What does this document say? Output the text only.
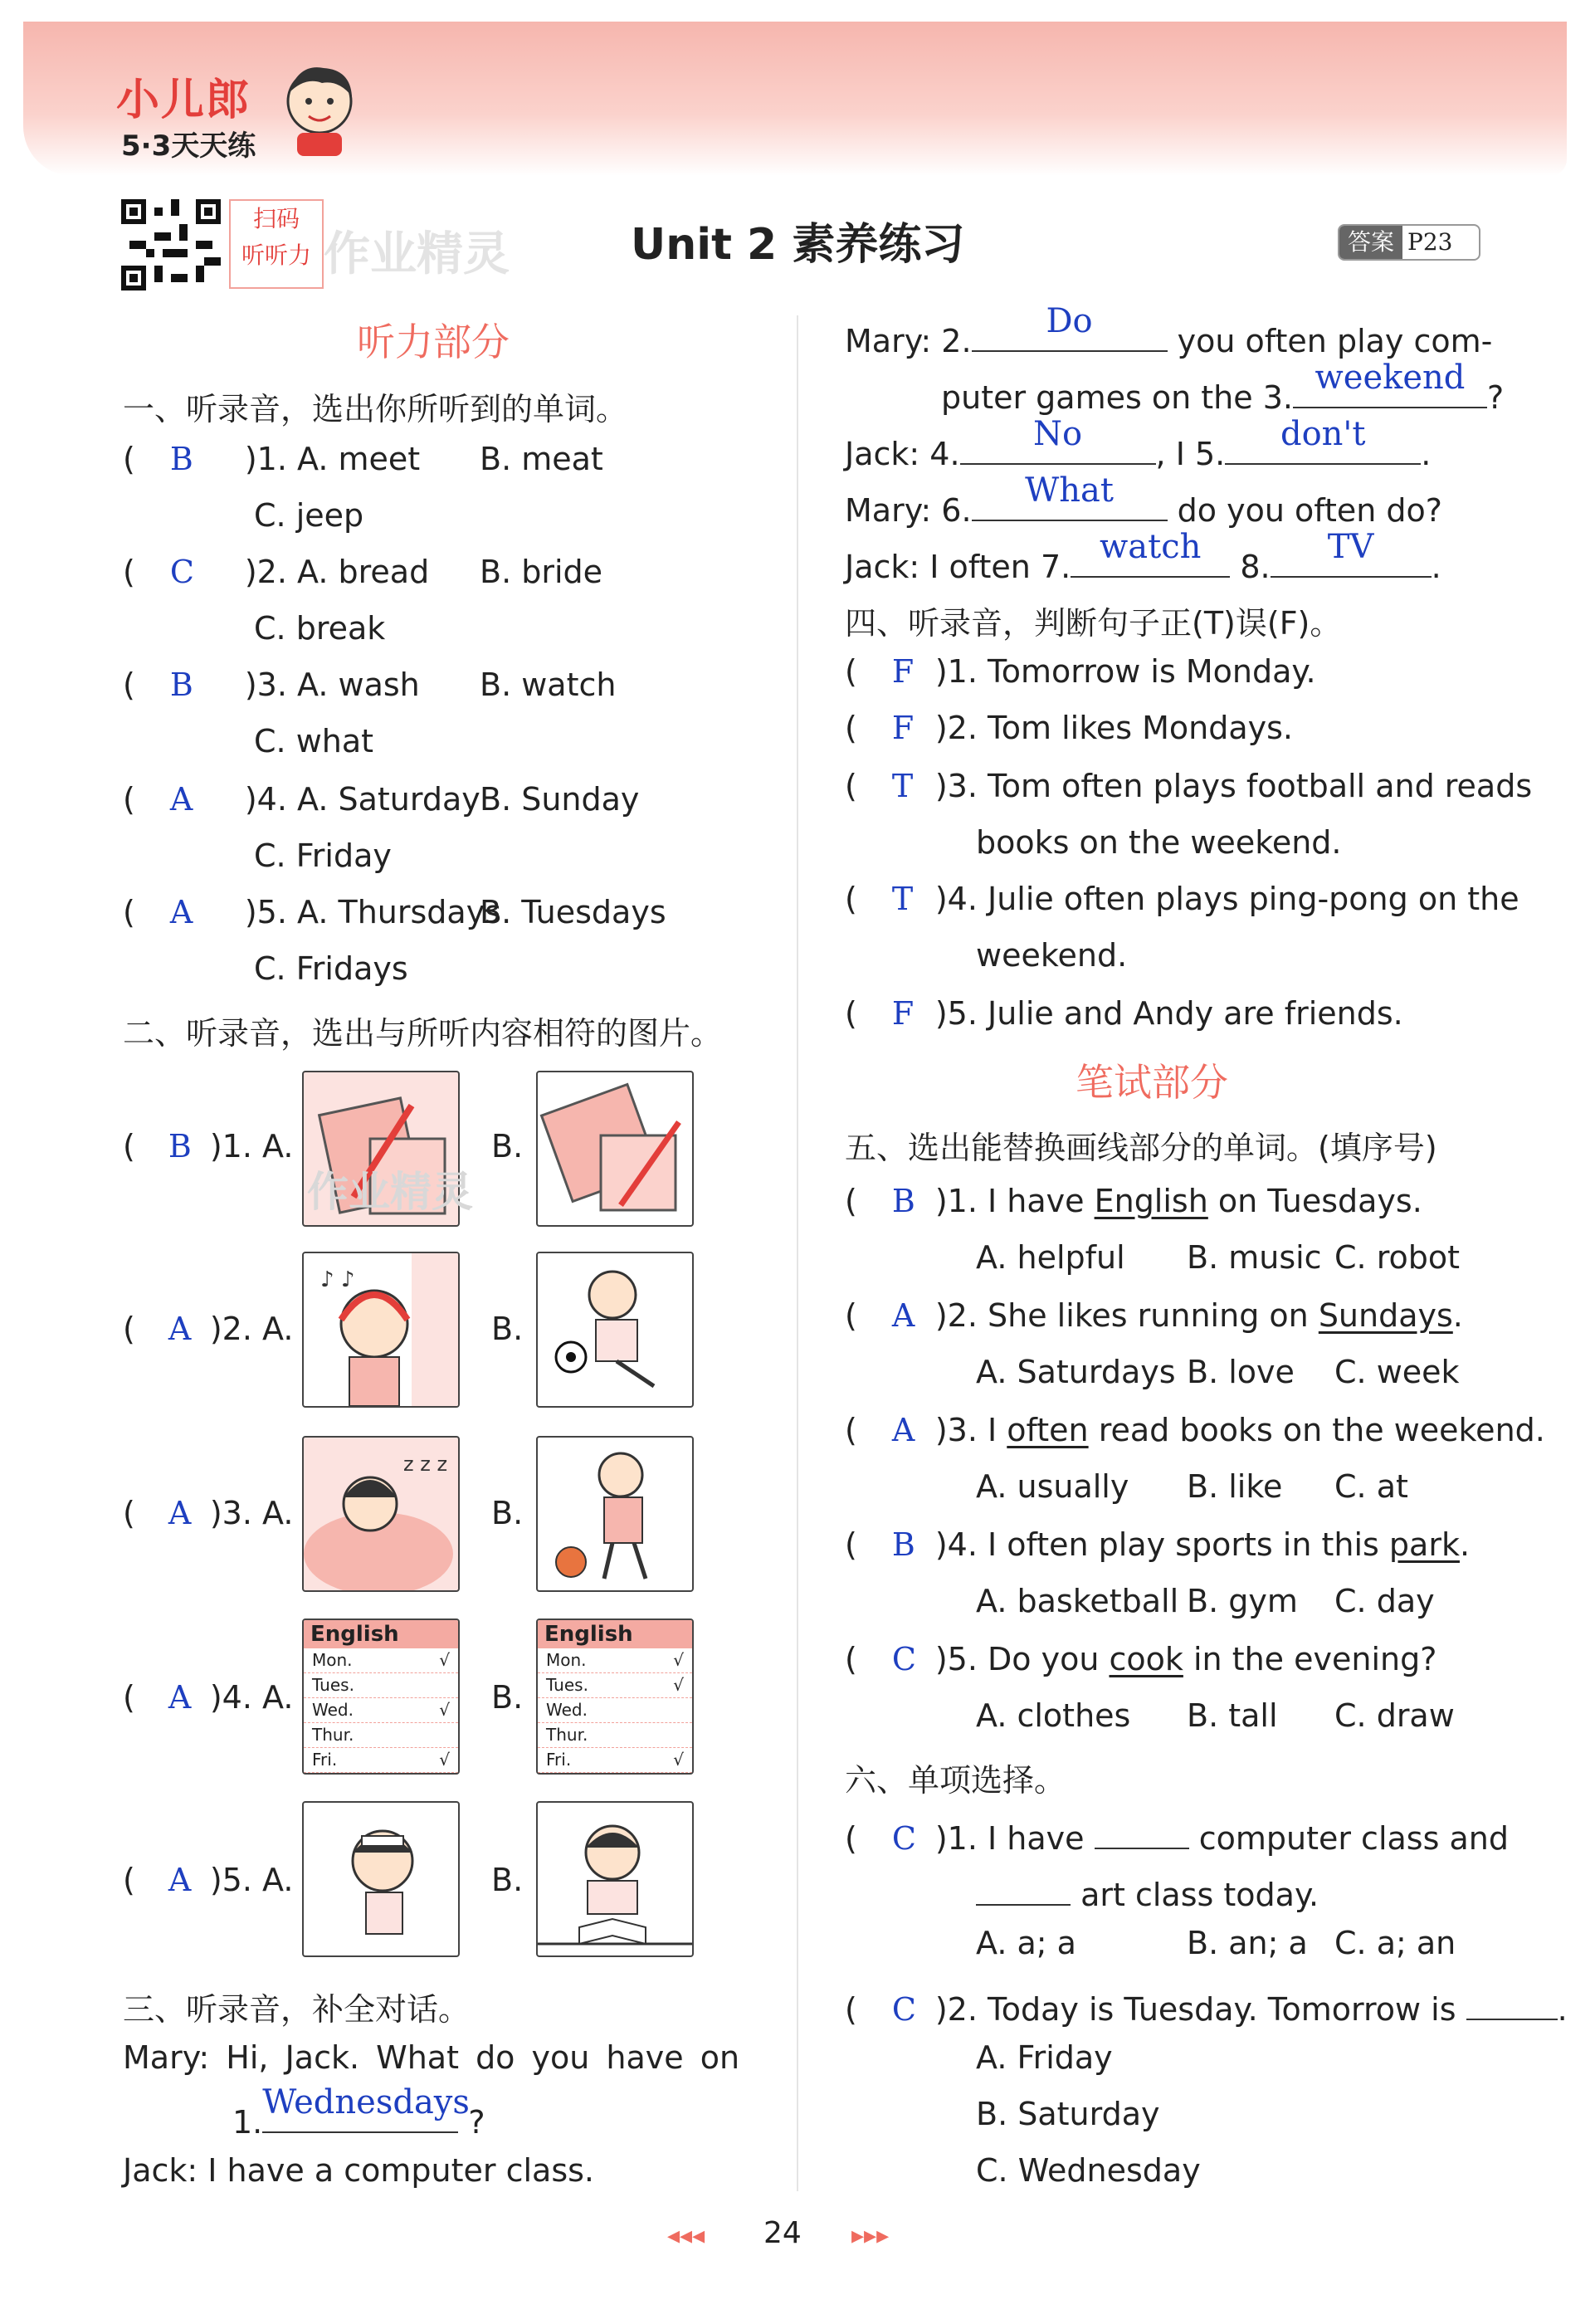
小儿郎
5·3天天练
扫码
听听力 作业精灵	Unit 2 素养练习	答案 P23
听力部分
一、听录音，选出你所听到的单词。
( B )1. A. meet B. meat
C. jeep
( C )2. A. bread B. bride
C. break
( B )3. A. wash B. watch
C. what
( A )4. A. Saturday B. Sunday
C. Friday
( A )5. A. Thursdays
B. Tuesdays
C. Fridays
二、听录音，选出与所听内容相符的图片。
( B )1. A.	B.
作业精灵
( A )2. A.
♪ ♪
B.
( A )3. A.
z z z
B.
( A )4. A.
English
Mon.	√
Tues.
Wed.	√
Thur.
Fri.	√
B.
English
Mon.	√
Tues.	√
Wed.
Thur.
Fri.	√
( A )5. A.	B.
三、听录音，补全对话。
Mary: Hi, Jack. What do you have on
1.
Wednesdays
?
Jack: I have a computer class.
Mary: 2.
Do
you often play com-
puter games on the 3.
weekend
?
Jack: 4.
No
, I 5.
don't
.
Mary: 6.
What
do you often do?
Jack: I often 7.
watch
8.
TV
.
四、听录音，判断句子正(T)误(F)。
( F )1. Tomorrow is Monday.
( F )2. Tom likes Mondays.
( T )3. Tom often plays football and reads
books on the weekend.
( T )4. Julie often plays ping-pong on the
weekend.
( F )5. Julie and Andy are friends.
笔试部分
五、选出能替换画线部分的单词。(填序号)
( B )1. I have English on Tuesdays.
A. helpful B. music C. robot
( A )2. She likes running on Sundays.
A. Saturdays B. love C. week
( A )3. I often read books on the weekend.
A. usually B. like C. at
( B )4. I often play sports in this park.
A. basketball B. gym C. day
( C )5. Do you cook in the evening?
A. clothes B. tall C. draw
六、单项选择。
( C )1. I have	computer class and
art class today.
A. a; a	B. an; a C. a; an
( C )2. Today is Tuesday. Tomorrow is	.
A. Friday
B. Saturday
C. Wednesday
◂◂◂ 24 ▸▸▸
